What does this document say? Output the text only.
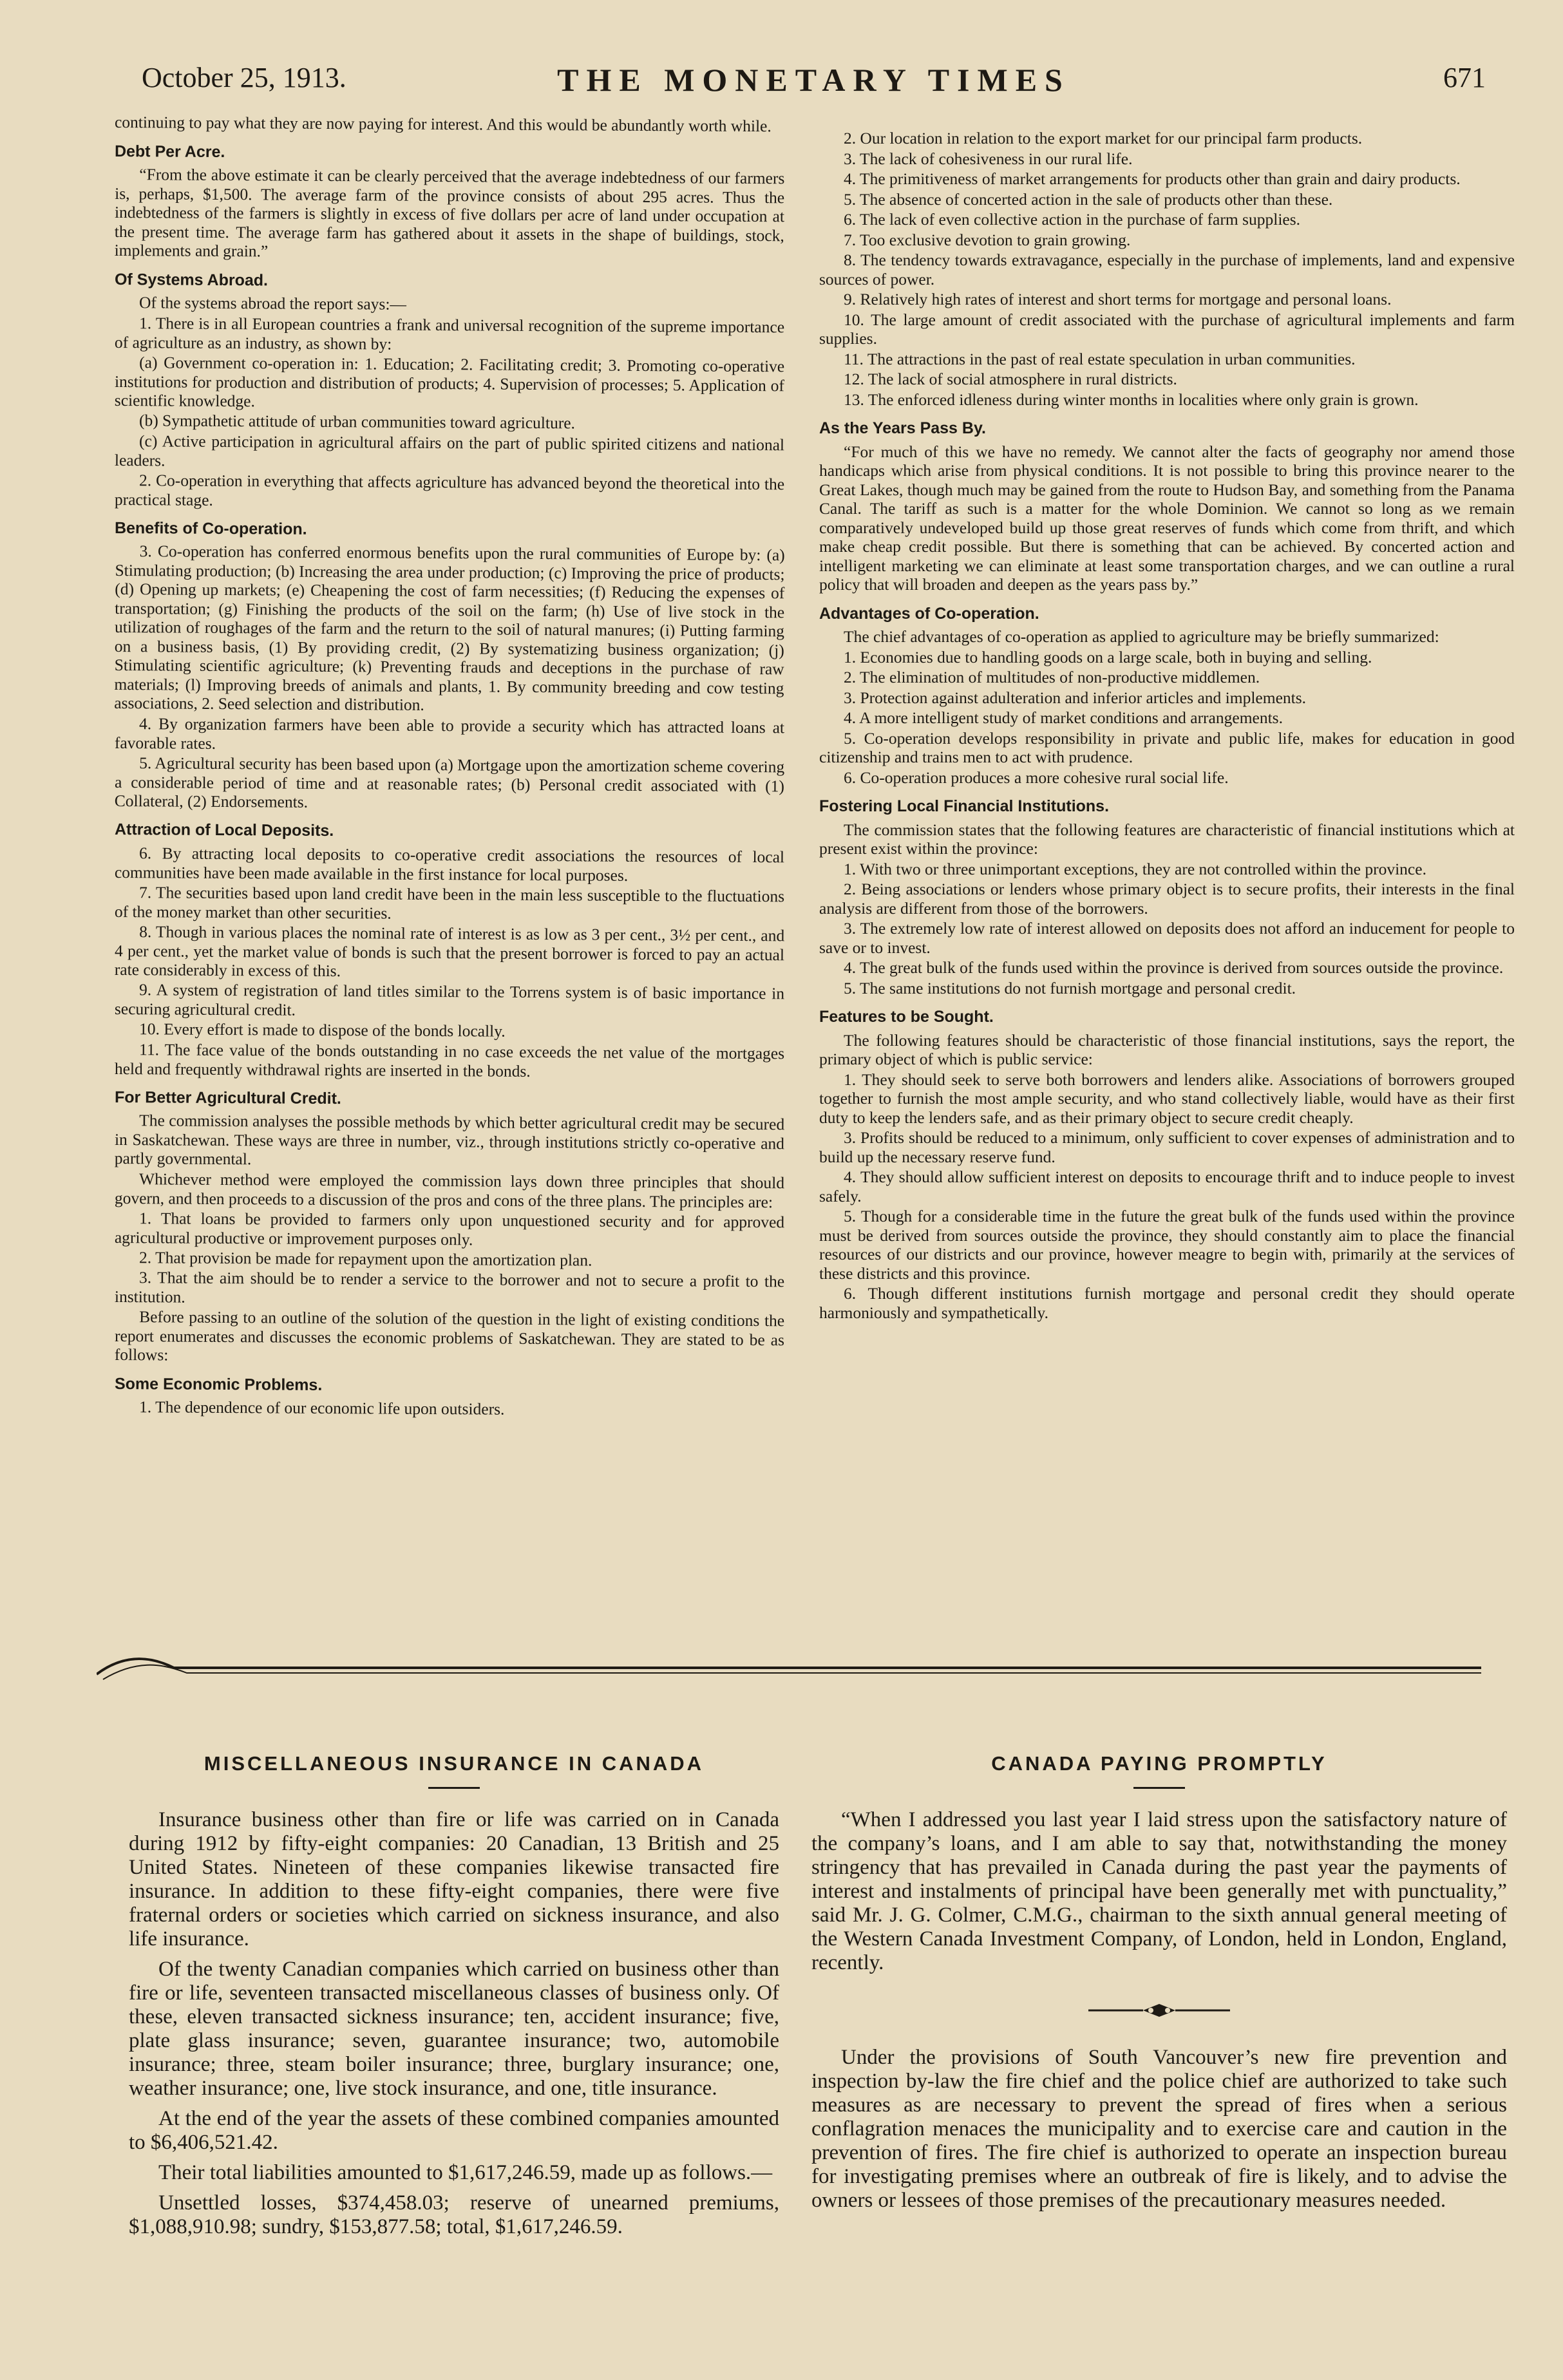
October 25, 1913.	THE MONETARY TIMES	671

continuing to pay what they are now paying for interest. And this would be abundantly worth while.

Debt Per Acre.

“From the above estimate it can be clearly perceived that the average indebtedness of our farmers is, perhaps, $1,500. The average farm of the province consists of about 295 acres. Thus the indebtedness of the farmers is slightly in excess of five dollars per acre of land under occupation at the present time. The average farm has gathered about it assets in the shape of buildings, stock, implements and grain.”

Of Systems Abroad.

Of the systems abroad the report says:—

1. There is in all European countries a frank and universal recognition of the supreme importance of agriculture as an industry, as shown by:

(a) Government co-operation in: 1. Education; 2. Facilitating credit; 3. Promoting co-operative institutions for production and distribution of products; 4. Supervision of processes; 5. Application of scientific knowledge.

(b) Sympathetic attitude of urban communities toward agriculture.

(c) Active participation in agricultural affairs on the part of public spirited citizens and national leaders.

2. Co-operation in everything that affects agriculture has advanced beyond the theoretical into the practical stage.

Benefits of Co-operation.

3. Co-operation has conferred enormous benefits upon the rural communities of Europe by: (a) Stimulating production; (b) Increasing the area under production; (c) Improving the price of products; (d) Opening up markets; (e) Cheapening the cost of farm necessities; (f) Reducing the expenses of transportation; (g) Finishing the products of the soil on the farm; (h) Use of live stock in the utilization of roughages of the farm and the return to the soil of natural manures; (i) Putting farming on a business basis, (1) By providing credit, (2) By systematizing business organization; (j) Stimulating scientific agriculture; (k) Preventing frauds and deceptions in the purchase of raw materials; (l) Improving breeds of animals and plants, 1. By community breeding and cow testing associations, 2. Seed selection and distribution.

4. By organization farmers have been able to provide a security which has attracted loans at favorable rates.

5. Agricultural security has been based upon (a) Mortgage upon the amortization scheme covering a considerable period of time and at reasonable rates; (b) Personal credit associated with (1) Collateral, (2) Endorsements.

Attraction of Local Deposits.

6. By attracting local deposits to co-operative credit associations the resources of local communities have been made available in the first instance for local purposes.

7. The securities based upon land credit have been in the main less susceptible to the fluctuations of the money market than other securities.

8. Though in various places the nominal rate of interest is as low as 3 per cent., 3½ per cent., and 4 per cent., yet the market value of bonds is such that the present borrower is forced to pay an actual rate considerably in excess of this.

9. A system of registration of land titles similar to the Torrens system is of basic importance in securing agricultural credit.

10. Every effort is made to dispose of the bonds locally.

11. The face value of the bonds outstanding in no case exceeds the net value of the mortgages held and frequently withdrawal rights are inserted in the bonds.

For Better Agricultural Credit.

The commission analyses the possible methods by which better agricultural credit may be secured in Saskatchewan. These ways are three in number, viz., through institutions strictly co-operative and partly governmental.

Whichever method were employed the commission lays down three principles that should govern, and then proceeds to a discussion of the pros and cons of the three plans. The principles are:

1. That loans be provided to farmers only upon unquestioned security and for approved agricultural productive or improvement purposes only.

2. That provision be made for repayment upon the amortization plan.

3. That the aim should be to render a service to the borrower and not to secure a profit to the institution.

Before passing to an outline of the solution of the question in the light of existing conditions the report enumerates and discusses the economic problems of Saskatchewan. They are stated to be as follows:

Some Economic Problems.

1. The dependence of our economic life upon outsiders.

2. Our location in relation to the export market for our principal farm products.

3. The lack of cohesiveness in our rural life.

4. The primitiveness of market arrangements for products other than grain and dairy products.

5. The absence of concerted action in the sale of products other than these.

6. The lack of even collective action in the purchase of farm supplies.

7. Too exclusive devotion to grain growing.

8. The tendency towards extravagance, especially in the purchase of implements, land and expensive sources of power.

9. Relatively high rates of interest and short terms for mortgage and personal loans.

10. The large amount of credit associated with the purchase of agricultural implements and farm supplies.

11. The attractions in the past of real estate speculation in urban communities.

12. The lack of social atmosphere in rural districts.

13. The enforced idleness during winter months in localities where only grain is grown.

As the Years Pass By.

“For much of this we have no remedy. We cannot alter the facts of geography nor amend those handicaps which arise from physical conditions. It is not possible to bring this province nearer to the Great Lakes, though much may be gained from the route to Hudson Bay, and something from the Panama Canal. The tariff as such is a matter for the whole Dominion. We cannot so long as we remain comparatively undeveloped build up those great reserves of funds which come from thrift, and which make cheap credit possible. But there is something that can be achieved. By concerted action and intelligent marketing we can eliminate at least some transportation charges, and we can outline a rural policy that will broaden and deepen as the years pass by.”

Advantages of Co-operation.

The chief advantages of co-operation as applied to agriculture may be briefly summarized:

1. Economies due to handling goods on a large scale, both in buying and selling.

2. The elimination of multitudes of non-productive middlemen.

3. Protection against adulteration and inferior articles and implements.

4. A more intelligent study of market conditions and arrangements.

5. Co-operation develops responsibility in private and public life, makes for education in good citizenship and trains men to act with prudence.

6. Co-operation produces a more cohesive rural social life.

Fostering Local Financial Institutions.

The commission states that the following features are characteristic of financial institutions which at present exist within the province:

1. With two or three unimportant exceptions, they are not controlled within the province.

2. Being associations or lenders whose primary object is to secure profits, their interests in the final analysis are different from those of the borrowers.

3. The extremely low rate of interest allowed on deposits does not afford an inducement for people to save or to invest.

4. The great bulk of the funds used within the province is derived from sources outside the province.

5. The same institutions do not furnish mortgage and personal credit.

Features to be Sought.

The following features should be characteristic of those financial institutions, says the report, the primary object of which is public service:

1. They should seek to serve both borrowers and lenders alike. Associations of borrowers grouped together to furnish the most ample security, and who stand collectively liable, would have as their first duty to keep the lenders safe, and as their primary object to secure credit cheaply.

3. Profits should be reduced to a minimum, only sufficient to cover expenses of administration and to build up the necessary reserve fund.

4. They should allow sufficient interest on deposits to encourage thrift and to induce people to invest safely.

5. Though for a considerable time in the future the great bulk of the funds used within the province must be derived from sources outside the province, they should constantly aim to place the financial resources of our districts and our province, however meagre to begin with, primarily at the services of these districts and this province.

6. Though different institutions furnish mortgage and personal credit they should operate harmoniously and sympathetically.

MISCELLANEOUS INSURANCE IN CANADA

Insurance business other than fire or life was carried on in Canada during 1912 by fifty-eight companies: 20 Canadian, 13 British and 25 United States. Nineteen of these companies likewise transacted fire insurance. In addition to these fifty-eight companies, there were five fraternal orders or societies which carried on sickness insurance, and also life insurance.

Of the twenty Canadian companies which carried on business other than fire or life, seventeen transacted miscellaneous classes of business only. Of these, eleven transacted sickness insurance; ten, accident insurance; five, plate glass insurance; seven, guarantee insurance; two, automobile insurance; three, steam boiler insurance; three, burglary insurance; one, weather insurance; one, live stock insurance, and one, title insurance.

At the end of the year the assets of these combined companies amounted to $6,406,521.42.

Their total liabilities amounted to $1,617,246.59, made up as follows.—

Unsettled losses, $374,458.03; reserve of unearned premiums, $1,088,910.98; sundry, $153,877.58; total, $1,617,246.59.

CANADA PAYING PROMPTLY

“When I addressed you last year I laid stress upon the satisfactory nature of the company’s loans, and I am able to say that, notwithstanding the money stringency that has prevailed in Canada during the past year the payments of interest and instalments of principal have been generally met with punctuality,” said Mr. J. G. Colmer, C.M.G., chairman to the sixth annual general meeting of the Western Canada Investment Company, of London, held in London, England, recently.

Under the provisions of South Vancouver’s new fire prevention and inspection by-law the fire chief and the police chief are authorized to take such measures as are necessary to prevent the spread of fires when a serious conflagration menaces the municipality and to exercise care and caution in the prevention of fires. The fire chief is authorized to operate an inspection bureau for investigating premises where an outbreak of fire is likely, and to advise the owners or lessees of those premises of the precautionary measures needed.
